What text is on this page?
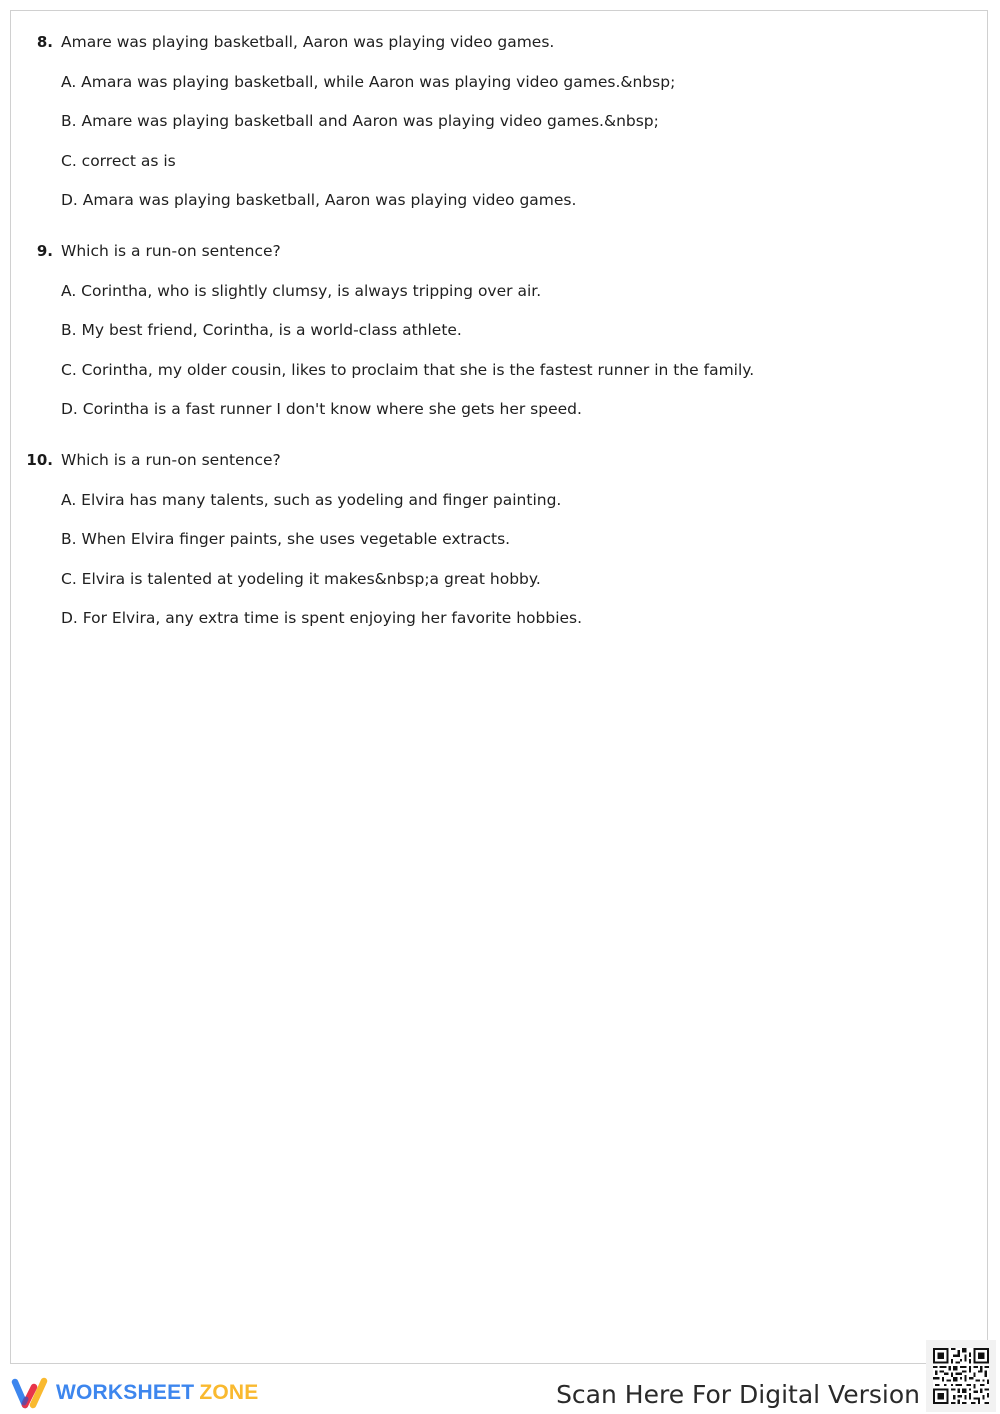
8. Amare was playing basketball, Aaron was playing video games.
A. Amara was playing basketball, while Aaron was playing video games.&nbsp;
B. Amare was playing basketball and Aaron was playing video games.&nbsp;
C. correct as is
D. Amara was playing basketball, Aaron was playing video games.
9. Which is a run-on sentence?
A. Corintha, who is slightly clumsy, is always tripping over air.
B. My best friend, Corintha, is a world-class athlete.
C. Corintha, my older cousin, likes to proclaim that she is the fastest runner in the family.
D. Corintha is a fast runner I don't know where she gets her speed.
10. Which is a run-on sentence?
A. Elvira has many talents, such as yodeling and finger painting.
B. When Elvira finger paints, she uses vegetable extracts.
C. Elvira is talented at yodeling it makes&nbsp;a great hobby.
D. For Elvira, any extra time is spent enjoying her favorite hobbies.
WORKSHEET ZONE	Scan Here For Digital Version
